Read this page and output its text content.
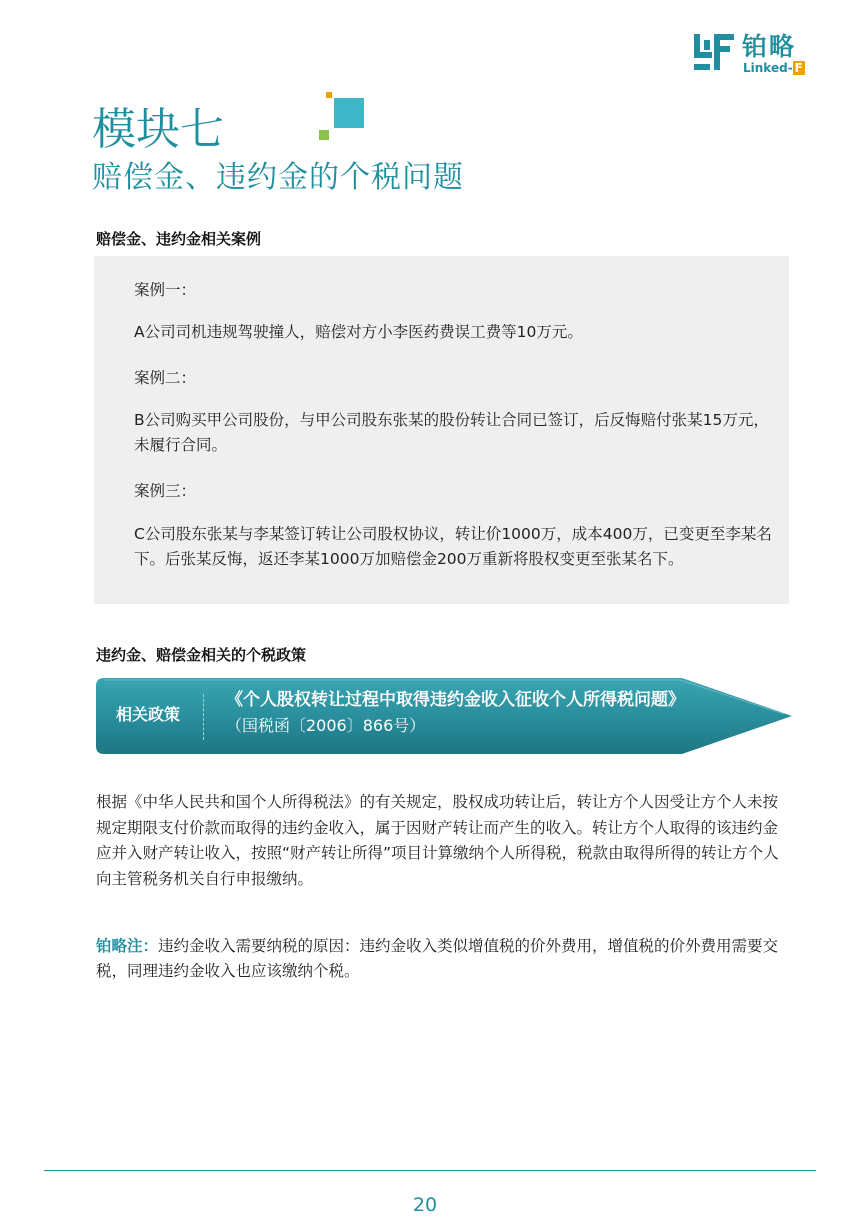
铂略
Linked- F
模块七
赔偿金、违约金的个税问题
赔偿金、违约金相关案例

案例一：

A公司司机违规驾驶撞人，赔偿对方小李医药费误工费等10万元。

案例二：

B公司购买甲公司股份，与甲公司股东张某的股份转让合同已签订，后反悔赔付张某15万元，未履行合同。

案例三：

C公司股东张某与李某签订转让公司股权协议，转让价1000万，成本400万，已变更至李某名下。后张某反悔，返还李某1000万加赔偿金200万重新将股权变更至张某名下。

违约金、赔偿金相关的个税政策
相关政策
《个人股权转让过程中取得违约金收入征收个人所得税问题》
（国税函〔2006〕866号）

根据《中华人民共和国个人所得税法》的有关规定，股权成功转让后，转让方个人因受让方个人未按规定期限支付价款而取得的违约金收入，属于因财产转让而产生的收入。转让方个人取得的该违约金应并入财产转让收入，按照“财产转让所得”项目计算缴纳个人所得税，税款由取得所得的转让方个人向主管税务机关自行申报缴纳。

铂略注：违约金收入需要纳税的原因：违约金收入类似增值税的价外费用，增值税的价外费用需要交税，同理违约金收入也应该缴纳个税。

20
